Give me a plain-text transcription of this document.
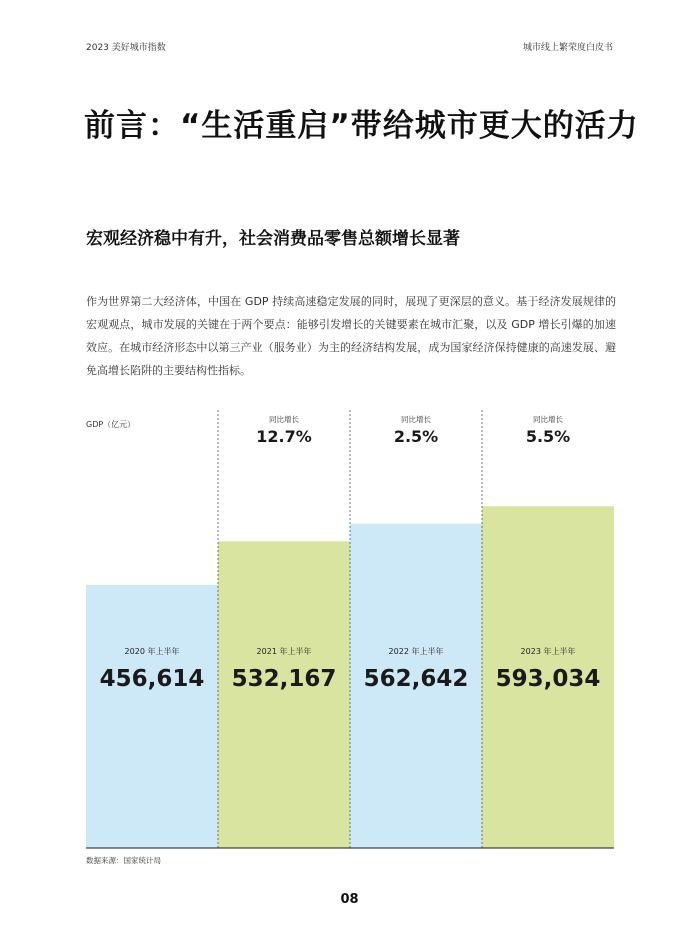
2023 美好城市指数	城市线上繁荣度白皮书
前言：“生活重启”带给城市更大的活力
宏观经济稳中有升，社会消费品零售总额增长显著

作为世界第二大经济体，中国在 GDP 持续高速稳定发展的同时，展现了更深层的意义。基于经济发展规律的宏观观点，城市发展的关键在于两个要点：能够引发增长的关键要素在城市汇聚，以及 GDP 增长引爆的加速效应。在城市经济形态中以第三产业（服务业）为主的经济结构发展，成为国家经济保持健康的高速发展、避免高增长陷阱的主要结构性指标。

GDP（亿元）
2020 年上半年
456,614
2021 年上半年
532,167
同比增长
12.7%
2022 年上半年
562,642
同比增长
2.5%
2023 年上半年
593,034
同比增长
5.5%
数据来源：国家统计局
08
